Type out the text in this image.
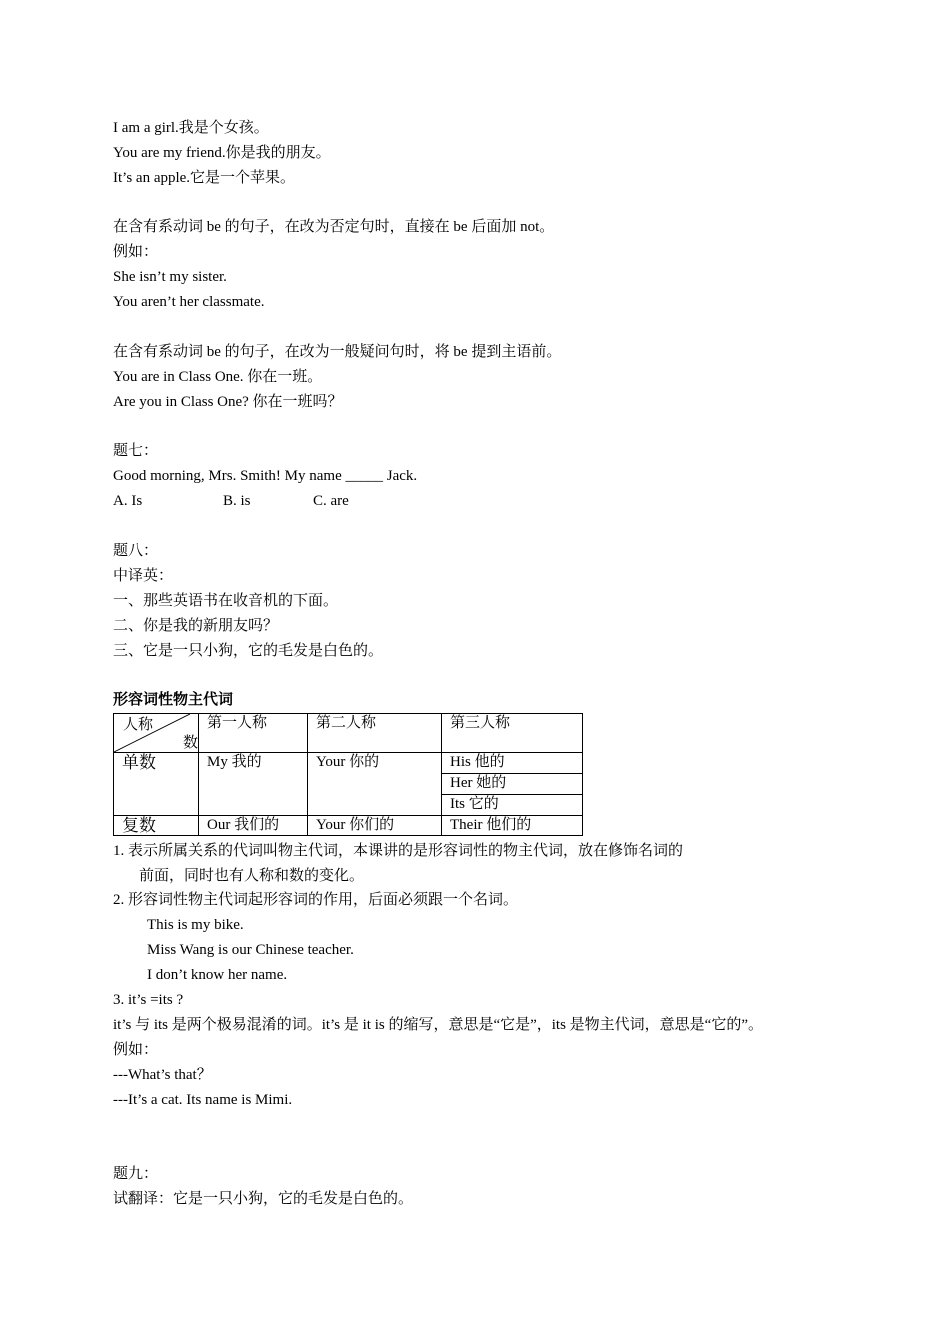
I am a girl.我是个女孩。
You are my friend.你是我的朋友。
It’s an apple.它是一个苹果。
在含有系动词 be 的句子，在改为否定句时，直接在 be 后面加 not。
例如：
She isn’t my sister.
You aren’t her classmate.
在含有系动词 be 的句子，在改为一般疑问句时，将 be 提到主语前。
You are in Class One. 你在一班。
Are you in Class One? 你在一班吗？
题七：
Good morning, Mrs. Smith! My name _____ Jack.
A. Is	B. is	C. are
题八：
中译英：
一、那些英语书在收音机的下面。
二、你是我的新朋友吗？
三、它是一只小狗，它的毛发是白色的。
形容词性物主代词
人称
数	第一人称	第二人称	第三人称
单数	My 我的	Your 你的	His 他的
			Her 她的
			Its 它的
复数	Our 我们的	Your 你们的	Their 他们的
1. 表示所属关系的代词叫物主代词，本课讲的是形容词性的物主代词，放在修饰名词的
前面，同时也有人称和数的变化。
2. 形容词性物主代词起形容词的作用，后面必须跟一个名词。
This is my bike.
Miss Wang is our Chinese teacher.
I don’t know her name.
3. it’s =its ?
it’s 与 its 是两个极易混淆的词。it’s 是 it is 的缩写，意思是“它是”，its 是物主代词，意思是“它的”。
例如：
---What’s that？
---It’s a cat. Its name is Mimi.
题九：
试翻译：它是一只小狗，它的毛发是白色的。
